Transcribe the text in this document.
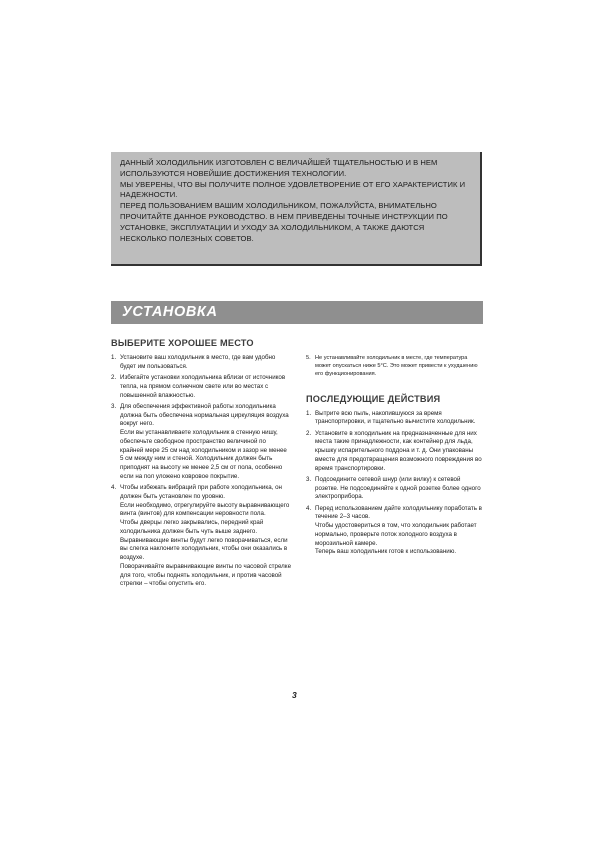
ДАННЫЙ ХОЛОДИЛЬНИК ИЗГОТОВЛЕН С ВЕЛИЧАЙШЕЙ ТЩАТЕЛЬНОСТЬЮ И В НЕМ ИСПОЛЬЗУЮТСЯ НОВЕЙШИЕ ДОСТИЖЕНИЯ ТЕХНОЛОГИИ.

МЫ УВЕРЕНЫ, ЧТО ВЫ ПОЛУЧИТЕ ПОЛНОЕ УДОВЛЕТВОРЕНИЕ ОТ ЕГО ХАРАКТЕРИСТИК И НАДЕЖНОСТИ.

ПЕРЕД ПОЛЬЗОВАНИЕМ ВАШИМ ХОЛОДИЛЬНИКОМ, ПОЖАЛУЙСТА, ВНИМАТЕЛЬНО ПРОЧИТАЙТЕ ДАННОЕ РУКОВОДСТВО. В НЕМ ПРИВЕДЕНЫ ТОЧНЫЕ ИНСТРУКЦИИ ПО УСТАНОВКЕ, ЭКСПЛУАТАЦИИ И УХОДУ ЗА ХОЛОДИЛЬНИКОМ, А ТАКЖЕ ДАЮТСЯ НЕСКОЛЬКО ПОЛЕЗНЫХ СОВЕТОВ.

УСТАНОВКА
ВЫБЕРИТЕ ХОРОШЕЕ МЕСТО
1. Установите ваш холодильник в место, где вам удобно будет им пользоваться.

2. Избегайте установки холодильника вблизи от источников тепла, на прямом солнечном свете или во местах с повышенной влажностью.

3. Для обеспечения эффективной работы холодильника должна быть обеспечена нормальная циркуляция воздуха вокруг него.

Если вы устанавливаете холодильник в стенную нишу, обеспечьте свободное пространство величиной по крайней мере 25 см над холодильником и зазор не менее 5 см между ним и стеной. Холодильник должен быть приподнят на высоту не менее 2,5 см от пола, особенно если на пол уложено ковровое покрытие.

4. Чтобы избежать вибраций при работе холодильника, он должен быть установлен по уровню.

Если необходимо, отрегулируйте высоту выравнивающего винта (винтов) для компенсации неровности пола.

Чтобы дверцы легко закрывались, передний край холодильника должен быть чуть выше заднего. Выравнивающие винты будут легко поворачиваться, если вы слегка наклоните холодильник, чтобы они оказались в воздухе.

Поворачивайте выравнивающие винты по часовой стрелке для того, чтобы поднять холодильник, и против часовой стрелки – чтобы опустить его.

5. Не устанавливайте холодильник в месте, где температура может опускаться ниже 5°C. Это может привести к ухудшению его функционирования.

ПОСЛЕДУЮЩИЕ ДЕЙСТВИЯ
1. Вытрите всю пыль, накопившуюся за время транспортировки, и тщательно вычистите холодильник.

2. Установите в холодильник на предназначенные для них места такие принадлежности, как контейнер для льда, крышку испарительного поддона и т. д. Они упакованы вместе для предотвращения возможного повреждения во время транспортировки.

3. Подсоедините сетевой шнур (или вилку) к сетевой розетке. Не подсоединяйте к одной розетке более одного электроприбора.

4. Перед использованием дайте холодильнику поработать в течение 2–3 часов.

Чтобы удостовериться в том, что холодильник работает нормально, проверьте поток холодного воздуха в морозильной камере.

Теперь ваш холодильник готов к использованию.

3
